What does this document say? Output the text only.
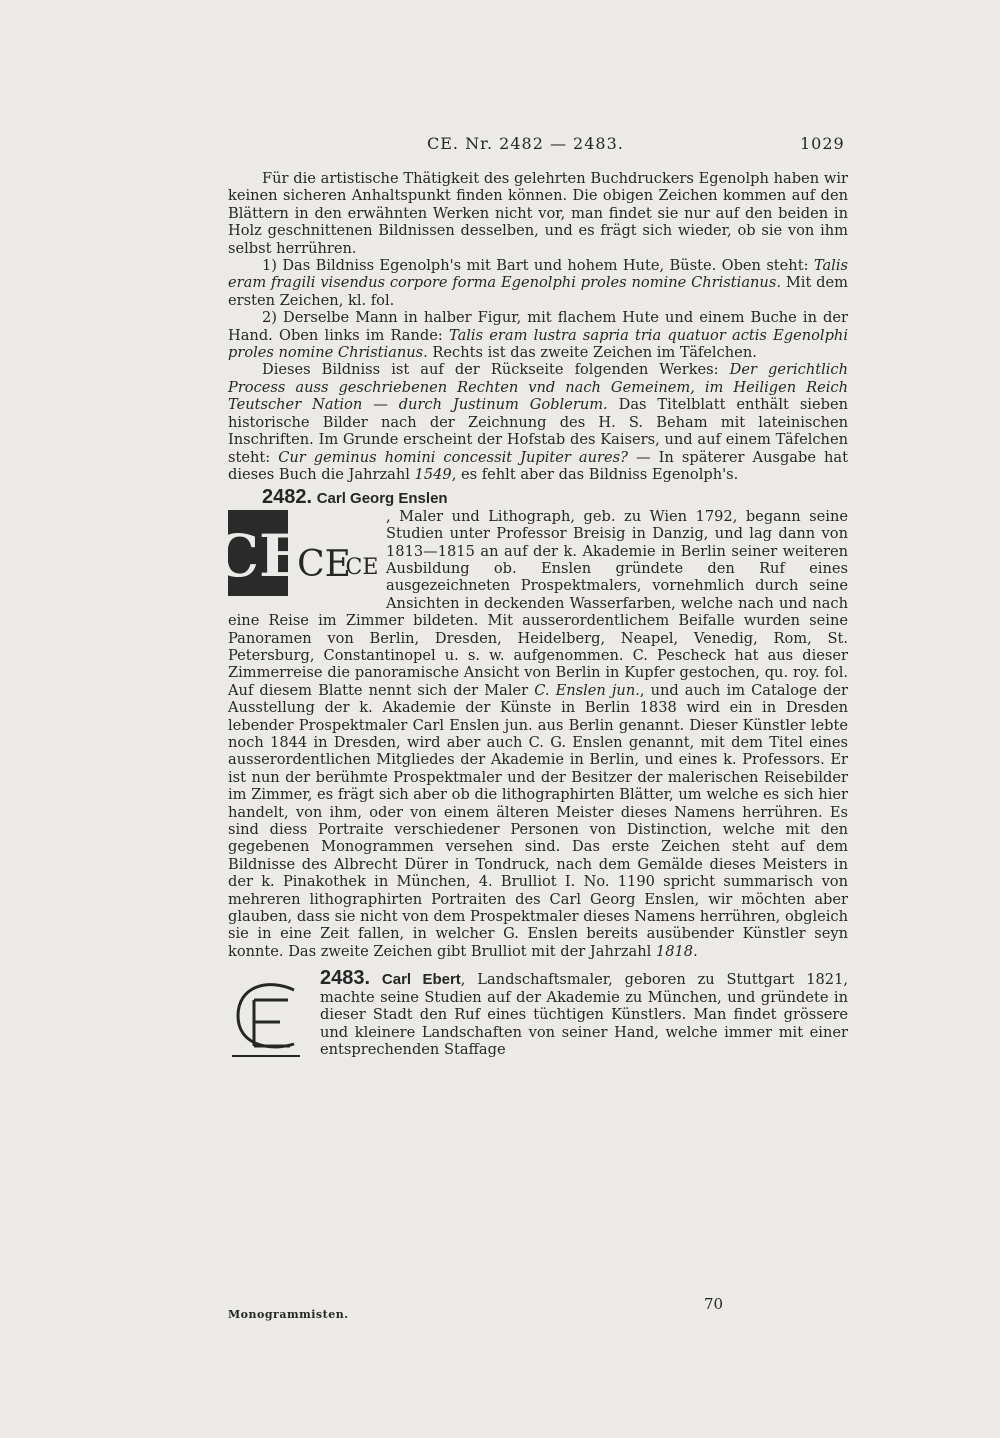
CE. Nr. 2482 — 2483.	1029

Für die artistische Thätigkeit des gelehrten Buchdruckers Egenolph haben wir keinen sicheren Anhaltspunkt finden können. Die obigen Zeichen kommen auf den Blättern in den erwähnten Werken nicht vor, man findet sie nur auf den beiden in Holz geschnittenen Bildnissen desselben, und es frägt sich wieder, ob sie von ihm selbst herrühren.

1) Das Bildniss Egenolph's mit Bart und hohem Hute, Büste. Oben steht: Talis eram fragili visendus corpore forma Egenolphi proles nomine Christianus. Mit dem ersten Zeichen, kl. fol.

2) Derselbe Mann in halber Figur, mit flachem Hute und einem Buche in der Hand. Oben links im Rande: Talis eram lustra sapria tria quatuor actis Egenolphi proles nomine Christianus. Rechts ist das zweite Zeichen im Täfelchen.

Dieses Bildniss ist auf der Rückseite folgenden Werkes: Der gerichtlich Process auss geschriebenen Rechten vnd nach Gemeinem, im Heiligen Reich Teutscher Nation — durch Justinum Goblerum. Das Titelblatt enthält sieben historische Bilder nach der Zeichnung des H. S. Beham mit lateinischen Inschriften. Im Grunde erscheint der Hofstab des Kaisers, und auf einem Täfelchen steht: Cur geminus homini concessit Jupiter aures? — In späterer Ausgabe hat dieses Buch die Jahrzahl 1549, es fehlt aber das Bildniss Egenolph's.

2482. Carl Georg Enslen

CE
CE
CE

, Maler und Lithograph, geb. zu Wien 1792, begann seine Studien unter Professor Breisig in Danzig, und lag dann von 1813—1815 an auf der k. Akademie in Berlin seiner weiteren Ausbildung ob. Enslen gründete den Ruf eines ausgezeichneten Prospektmalers, vornehmlich durch seine Ansichten in deckenden Wasserfarben, welche nach und nach eine Reise im Zimmer bildeten. Mit ausserordentlichem Beifalle wurden seine Panoramen von Berlin, Dresden, Heidelberg, Neapel, Venedig, Rom, St. Petersburg, Constantinopel u. s. w. aufgenommen. C. Pescheck hat aus dieser Zimmerreise die panoramische Ansicht von Berlin in Kupfer gestochen, qu. roy. fol. Auf diesem Blatte nennt sich der Maler C. Enslen jun., und auch im Cataloge der Ausstellung der k. Akademie der Künste in Berlin 1838 wird ein in Dresden lebender Prospektmaler Carl Enslen jun. aus Berlin genannt. Dieser Künstler lebte noch 1844 in Dresden, wird aber auch C. G. Enslen genannt, mit dem Titel eines ausserordentlichen Mitgliedes der Akademie in Berlin, und eines k. Professors. Er ist nun der berühmte Prospektmaler und der Besitzer der malerischen Reisebilder im Zimmer, es frägt sich aber ob die lithographirten Blätter, um welche es sich hier handelt, von ihm, oder von einem älteren Meister dieses Namens herrühren. Es sind diess Portraite verschiedener Personen von Distinction, welche mit den gegebenen Monogrammen versehen sind. Das erste Zeichen steht auf dem Bildnisse des Albrecht Dürer in Tondruck, nach dem Gemälde dieses Meisters in der k. Pinakothek in München, 4. Brulliot I. No. 1190 spricht summarisch von mehreren lithographirten Portraiten des Carl Georg Enslen, wir möchten aber glauben, dass sie nicht von dem Prospektmaler dieses Namens herrühren, obgleich sie in eine Zeit fallen, in welcher G. Enslen bereits ausübender Künstler seyn konnte. Das zweite Zeichen gibt Brulliot mit der Jahrzahl 1818.

CE

2483. Carl Ebert, Landschaftsmaler, geboren zu Stuttgart 1821, machte seine Studien auf der Akademie zu München, und gründete in dieser Stadt den Ruf eines tüchtigen Künstlers. Man findet grössere und kleinere Landschaften von seiner Hand, welche immer mit einer entsprechenden Staffage

Monogrammisten.
70
